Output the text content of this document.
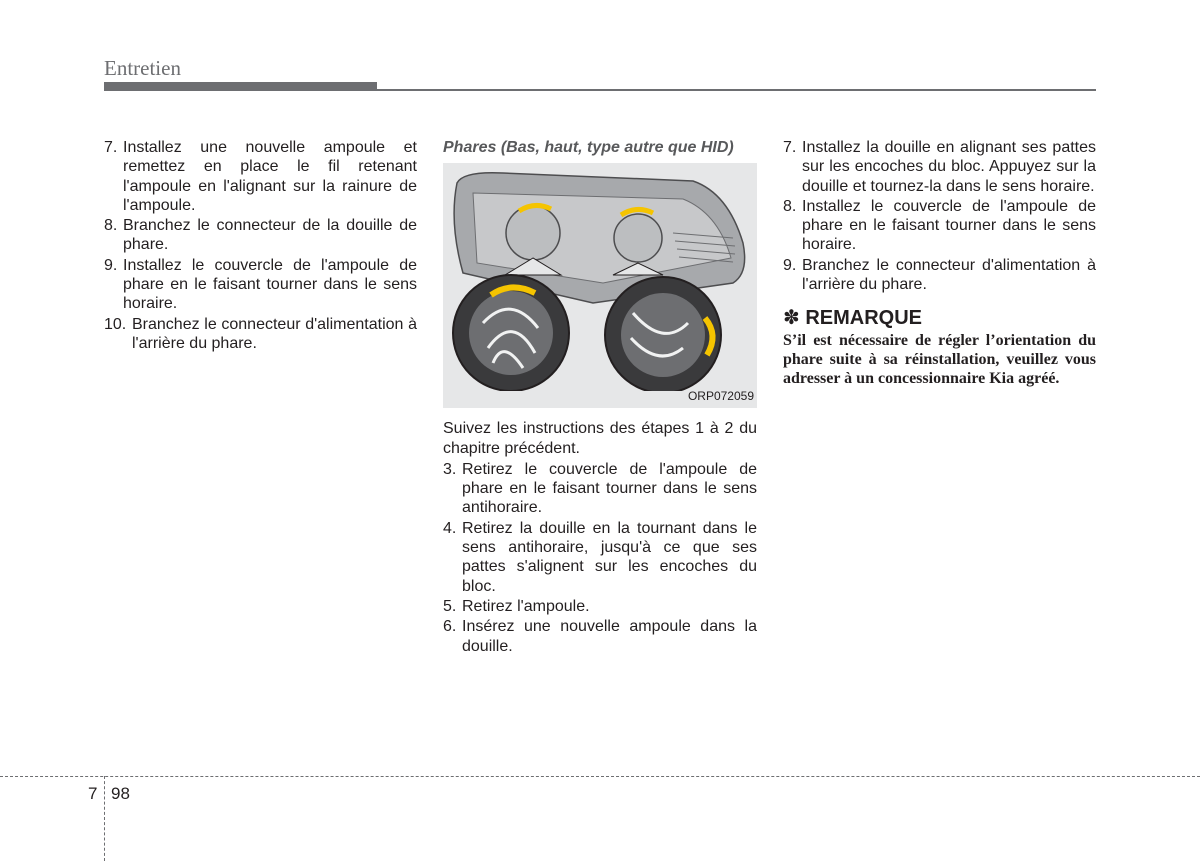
Entretien
7. Installez une nouvelle ampoule et remettez en place le fil retenant l'ampoule en l'alignant sur la rainure de l'ampoule.
8. Branchez le connecteur de la douille de phare.
9. Installez le couvercle de l'ampoule de phare en le faisant tourner dans le sens horaire.
10. Branchez le connecteur d'alimentation à l'arrière du phare.

Phares (Bas, haut, type autre que HID)

ORP072059

Suivez les instructions des étapes 1 à 2 du chapitre précédent.

3. Retirez le couvercle de l'ampoule de phare en le faisant tourner dans le sens antihoraire.
4. Retirez la douille en la tournant dans le sens antihoraire, jusqu'à ce que ses pattes s'alignent sur les encoches du bloc.
5. Retirez l'ampoule.
6. Insérez une nouvelle ampoule dans la douille.
7. Installez la douille en alignant ses pattes sur les encoches du bloc. Appuyez sur la douille et tournez-la dans le sens horaire.
8. Installez le couvercle de l'ampoule de phare en le faisant tourner dans le sens horaire.
9. Branchez le connecteur d'alimentation à l'arrière du phare.
✽ REMARQUE
S’il est nécessaire de régler l’orientation du phare suite à sa réinstallation, veuillez vous adresser à un concessionnaire Kia agréé.
7 98
